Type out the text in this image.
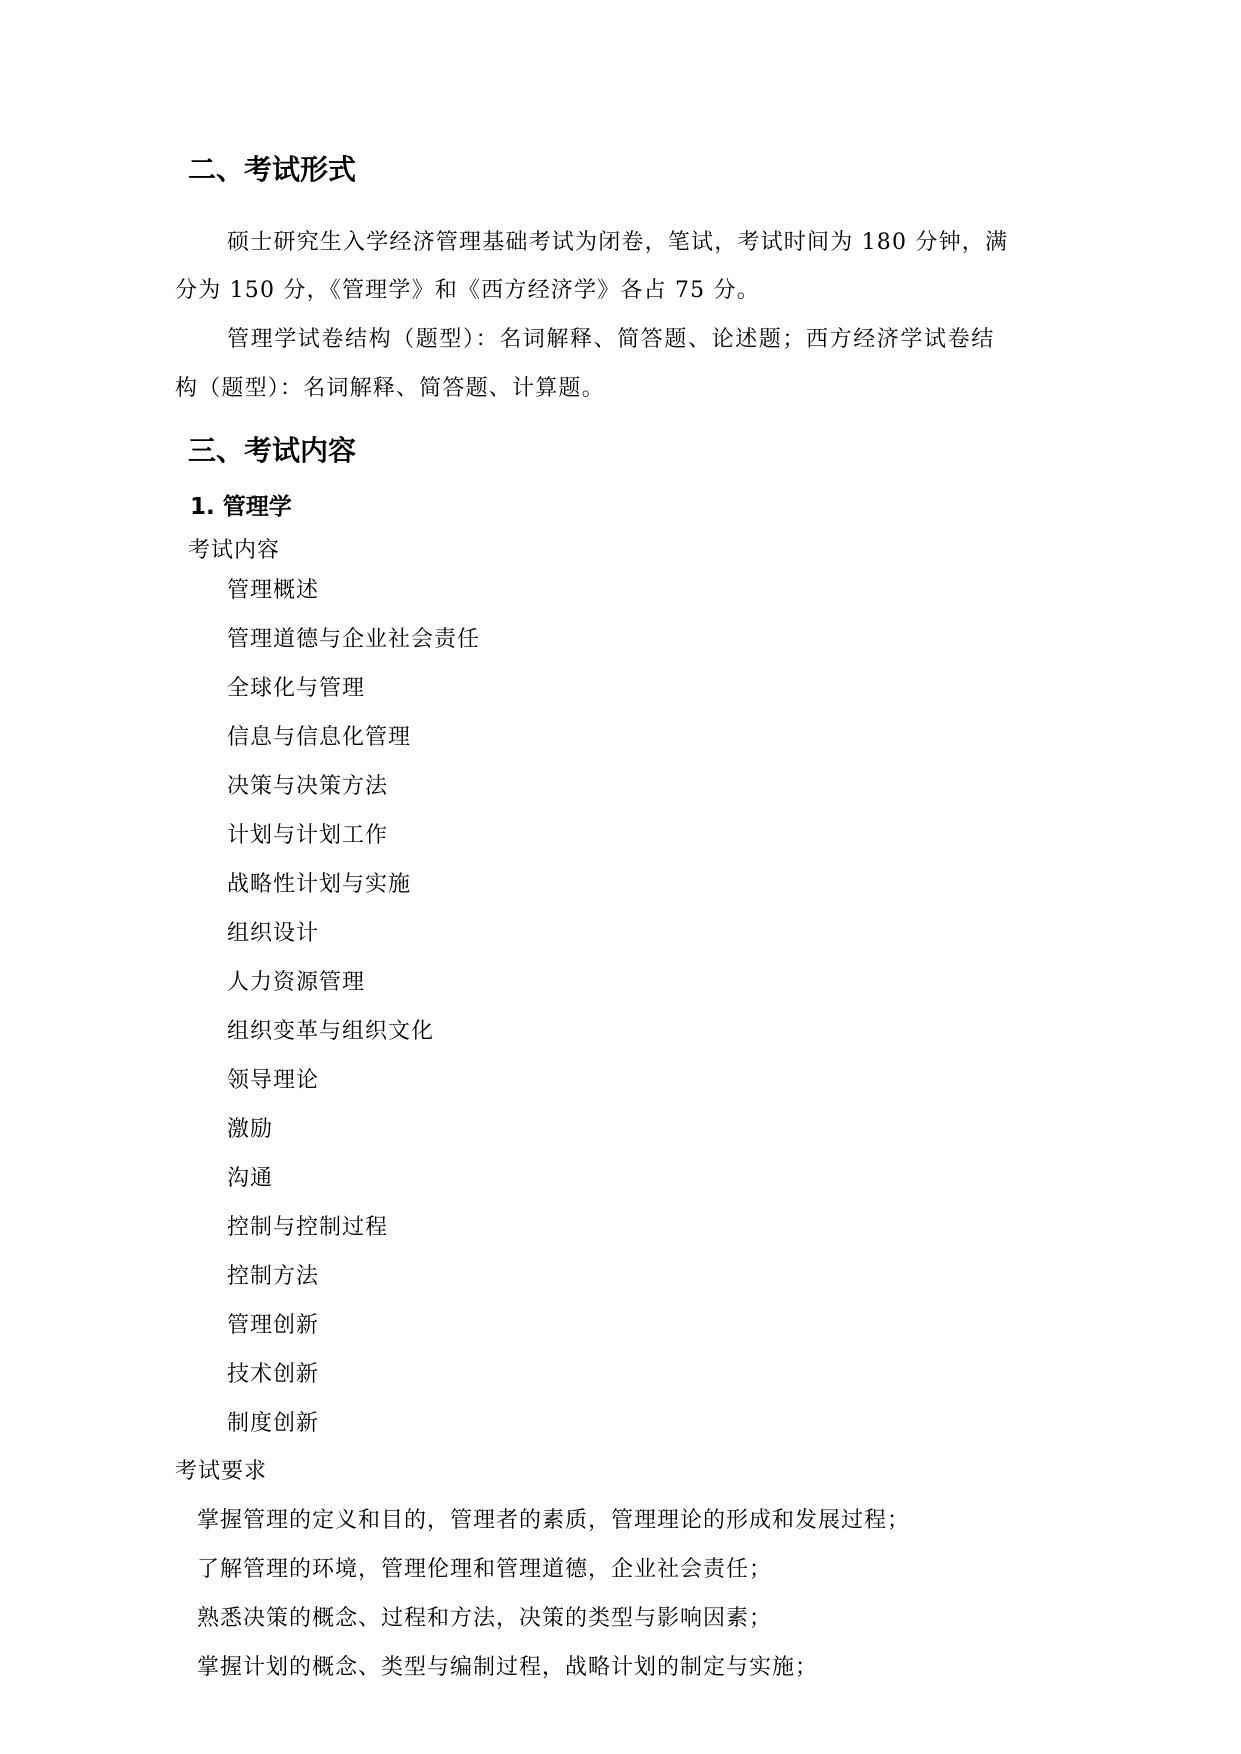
二、考试形式
硕士研究生入学经济管理基础考试为闭卷，笔试，考试时间为 180 分钟，满
分为 150 分，《管理学》和《西方经济学》各占 75 分。
管理学试卷结构（题型）：名词解释、简答题、论述题；西方经济学试卷结
构（题型）：名词解释、简答题、计算题。
三、考试内容
1. 管理学
考试内容
管理概述
管理道德与企业社会责任
全球化与管理
信息与信息化管理
决策与决策方法
计划与计划工作
战略性计划与实施
组织设计
人力资源管理
组织变革与组织文化
领导理论
激励
沟通
控制与控制过程
控制方法
管理创新
技术创新
制度创新
考试要求
掌握管理的定义和目的，管理者的素质，管理理论的形成和发展过程；
了解管理的环境，管理伦理和管理道德，企业社会责任；
熟悉决策的概念、过程和方法，决策的类型与影响因素；
掌握计划的概念、类型与编制过程，战略计划的制定与实施；
